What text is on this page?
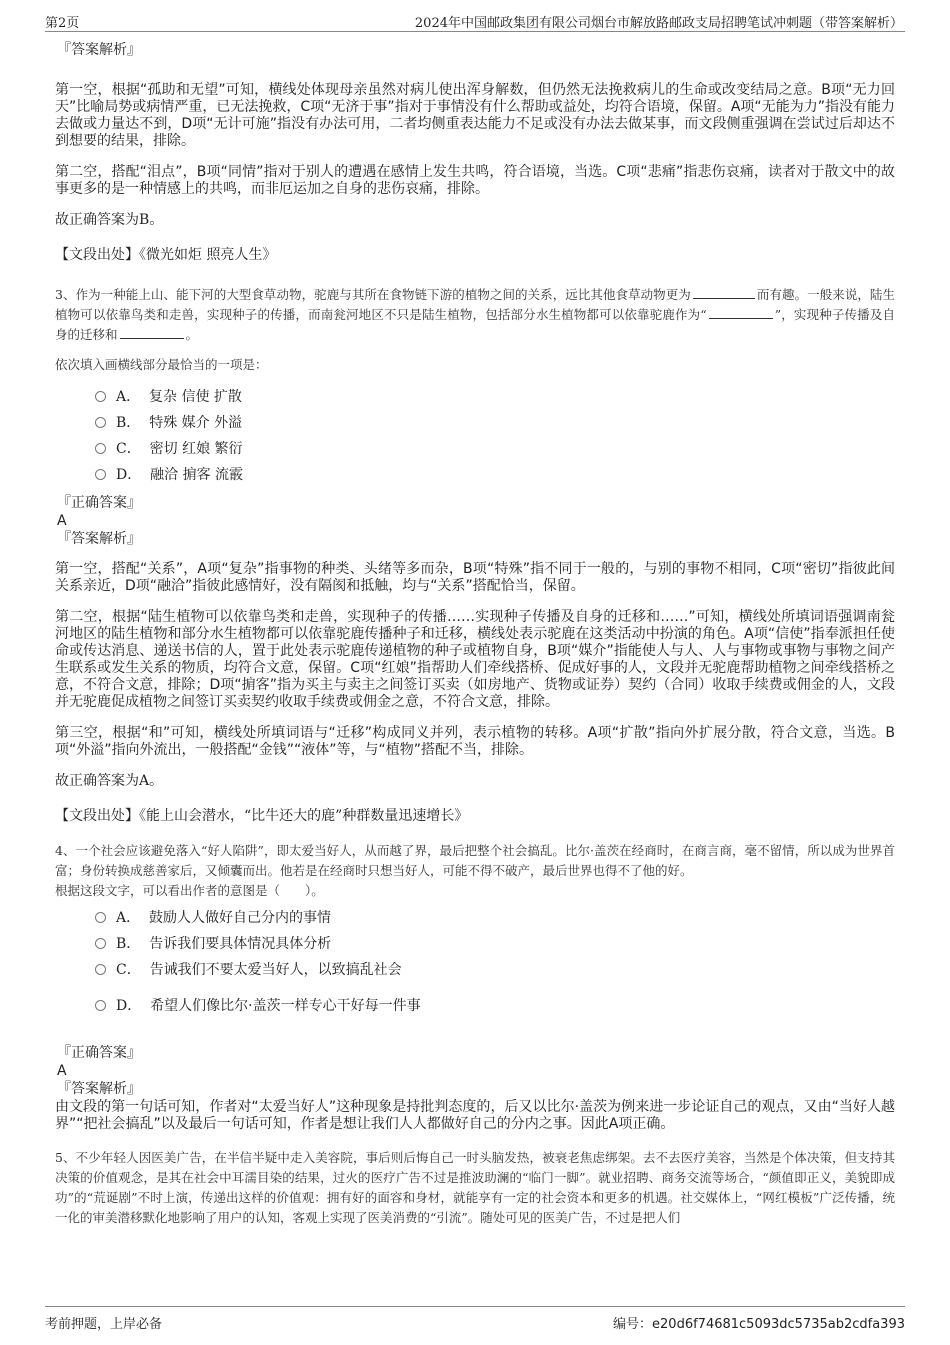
第2页	2024年中国邮政集团有限公司烟台市解放路邮政支局招聘笔试冲刺题（带答案解析）
『答案解析』
第一空，根据“孤助和无望”可知，横线处体现母亲虽然对病儿使出浑身解数，但仍然无法挽救病儿的生命或改变结局之意。B项“无力回天”比喻局势或病情严重，已无法挽救，C项“无济于事”指对于事情没有什么帮助或益处，均符合语境，保留。A项“无能为力”指没有能力去做或力量达不到，D项“无计可施”指没有办法可用，二者均侧重表达能力不足或没有办法去做某事，而文段侧重强调在尝试过后却达不到想要的结果，排除。
第二空，搭配“泪点”，B项“同情”指对于别人的遭遇在感情上发生共鸣，符合语境，当选。C项“悲痛”指悲伤哀痛，读者对于散文中的故事更多的是一种情感上的共鸣，而非厄运加之自身的悲伤哀痛，排除。
故正确答案为B。
【文段出处】《微光如炬 照亮人生》
3、作为一种能上山、能下河的大型食草动物，驼鹿与其所在食物链下游的植物之间的关系，远比其他食草动物更为	而有趣。一般来说，陆生植物可以依靠鸟类和走兽，实现种子的传播，而南瓮河地区不只是陆生植物，包括部分水生植物都可以依靠驼鹿作为“	”，实现种子传播及自身的迁移和	。
依次填入画横线部分最恰当的一项是：
A． 复杂 信使 扩散
B． 特殊 媒介 外溢
C． 密切 红娘 繁衍
D． 融洽 掮客 流霰
『正确答案』
A
『答案解析』
第一空，搭配“关系”，A项“复杂”指事物的种类、头绪等多而杂，B项“特殊”指不同于一般的，与别的事物不相同，C项“密切”指彼此间关系亲近，D项“融洽”指彼此感情好，没有隔阂和抵触，均与“关系”搭配恰当，保留。
第二空，根据“陆生植物可以依靠鸟类和走兽，实现种子的传播……实现种子传播及自身的迁移和……”可知，横线处所填词语强调南瓮河地区的陆生植物和部分水生植物都可以依靠驼鹿传播种子和迁移，横线处表示驼鹿在这类活动中扮演的角色。A项“信使”指奉派担任使命或传达消息、递送书信的人，置于此处表示驼鹿传递植物的种子或植物自身，B项“媒介”指能使人与人、人与事物或事物与事物之间产生联系或发生关系的物质，均符合文意，保留。C项“红娘”指帮助人们牵线搭桥、促成好事的人，文段并无驼鹿帮助植物之间牵线搭桥之意，不符合文意，排除；D项“掮客”指为买主与卖主之间签订买卖（如房地产、货物或证券）契约（合同）收取手续费或佣金的人，文段并无驼鹿促成植物之间签订买卖契约收取手续费或佣金之意，不符合文意，排除。
第三空，根据“和”可知，横线处所填词语与“迁移”构成同义并列，表示植物的转移。A项“扩散”指向外扩展分散，符合文意，当选。B项“外溢”指向外流出，一般搭配“金钱”“液体”等，与“植物”搭配不当，排除。
故正确答案为A。
【文段出处】《能上山会潜水，“比牛还大的鹿”种群数量迅速增长》
4、一个社会应该避免落入“好人陷阱”，即太爱当好人，从而越了界，最后把整个社会搞乱。比尔·盖茨在经商时，在商言商，毫不留情，所以成为世界首富；身份转换成慈善家后，又倾囊而出。他若是在经商时只想当好人，可能不得不破产，最后世界也得不了他的好。
根据这段文字，可以看出作者的意图是（　　）。
A． 鼓励人人做好自己分内的事情
B． 告诉我们要具体情况具体分析
C． 告诫我们不要太爱当好人，以致搞乱社会
D． 希望人们像比尔·盖茨一样专心干好每一件事
『正确答案』
A
『答案解析』
由文段的第一句话可知，作者对“太爱当好人”这种现象是持批判态度的，后又以比尔·盖茨为例来进一步论证自己的观点，又由“当好人越界”“把社会搞乱”以及最后一句话可知，作者是想让我们人人都做好自己的分内之事。因此A项正确。
5、不少年轻人因医美广告，在半信半疑中走入美容院，事后则后悔自己一时头脑发热，被衰老焦虑绑架。去不去医疗美容，当然是个体决策，但支持其决策的价值观念，是其在社会中耳濡目染的结果，过火的医疗广告不过是推波助澜的“临门一脚”。就业招聘、商务交流等场合，“颜值即正义，美貌即成功”的“荒诞剧”不时上演，传递出这样的价值观：拥有好的面容和身材，就能享有一定的社会资本和更多的机遇。社交媒体上，“网红模板”广泛传播，统一化的审美潜移默化地影响了用户的认知，客观上实现了医美消费的“引流”。随处可见的医美广告，不过是把人们
考前押题，上岸必备	编号：e20d6f74681c5093dc5735ab2cdfa393
